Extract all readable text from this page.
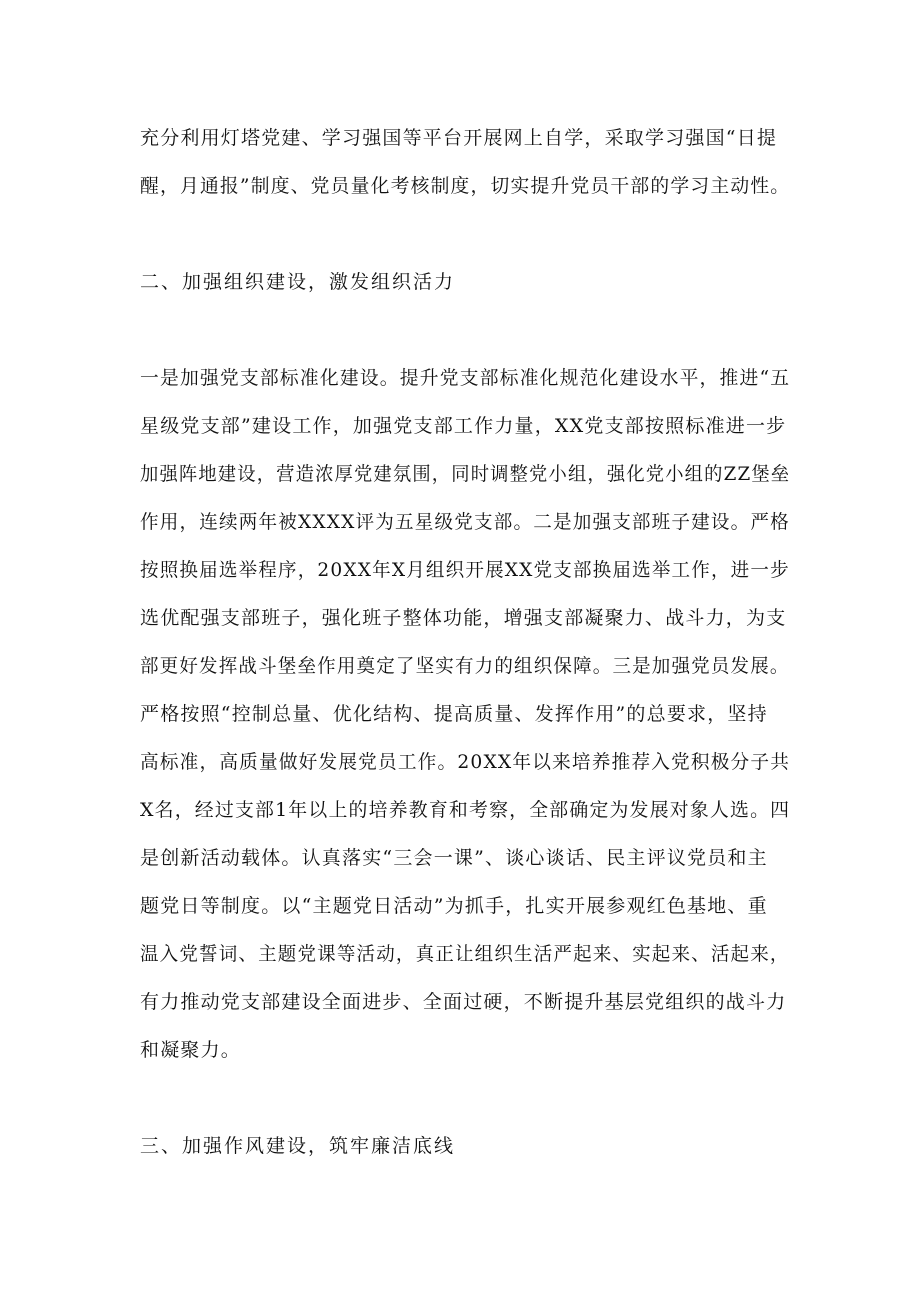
充分利用灯塔党建、学习强国等平台开展网上自学，采取学习强国“日提
醒，月通报”制度、党员量化考核制度，切实提升党员干部的学习主动性。
二、加强组织建设，激发组织活力
一是加强党支部标准化建设。提升党支部标准化规范化建设水平，推进“五
星级党支部”建设工作，加强党支部工作力量，XX党支部按照标准进一步
加强阵地建设，营造浓厚党建氛围，同时调整党小组，强化党小组的ZZ堡垒
作用，连续两年被XXXX评为五星级党支部。二是加强支部班子建设。严格
按照换届选举程序，20XX年X月组织开展XX党支部换届选举工作，进一步
选优配强支部班子，强化班子整体功能，增强支部凝聚力、战斗力，为支
部更好发挥战斗堡垒作用奠定了坚实有力的组织保障。三是加强党员发展。
严格按照“控制总量、优化结构、提高质量、发挥作用”的总要求，坚持
高标准，高质量做好发展党员工作。20XX年以来培养推荐入党积极分子共
X名，经过支部1年以上的培养教育和考察，全部确定为发展对象人选。四
是创新活动载体。认真落实“三会一课”、谈心谈话、民主评议党员和主
题党日等制度。以“主题党日活动”为抓手，扎实开展参观红色基地、重
温入党誓词、主题党课等活动，真正让组织生活严起来、实起来、活起来，
有力推动党支部建设全面进步、全面过硬，不断提升基层党组织的战斗力
和凝聚力。
三、加强作风建设，筑牢廉洁底线
